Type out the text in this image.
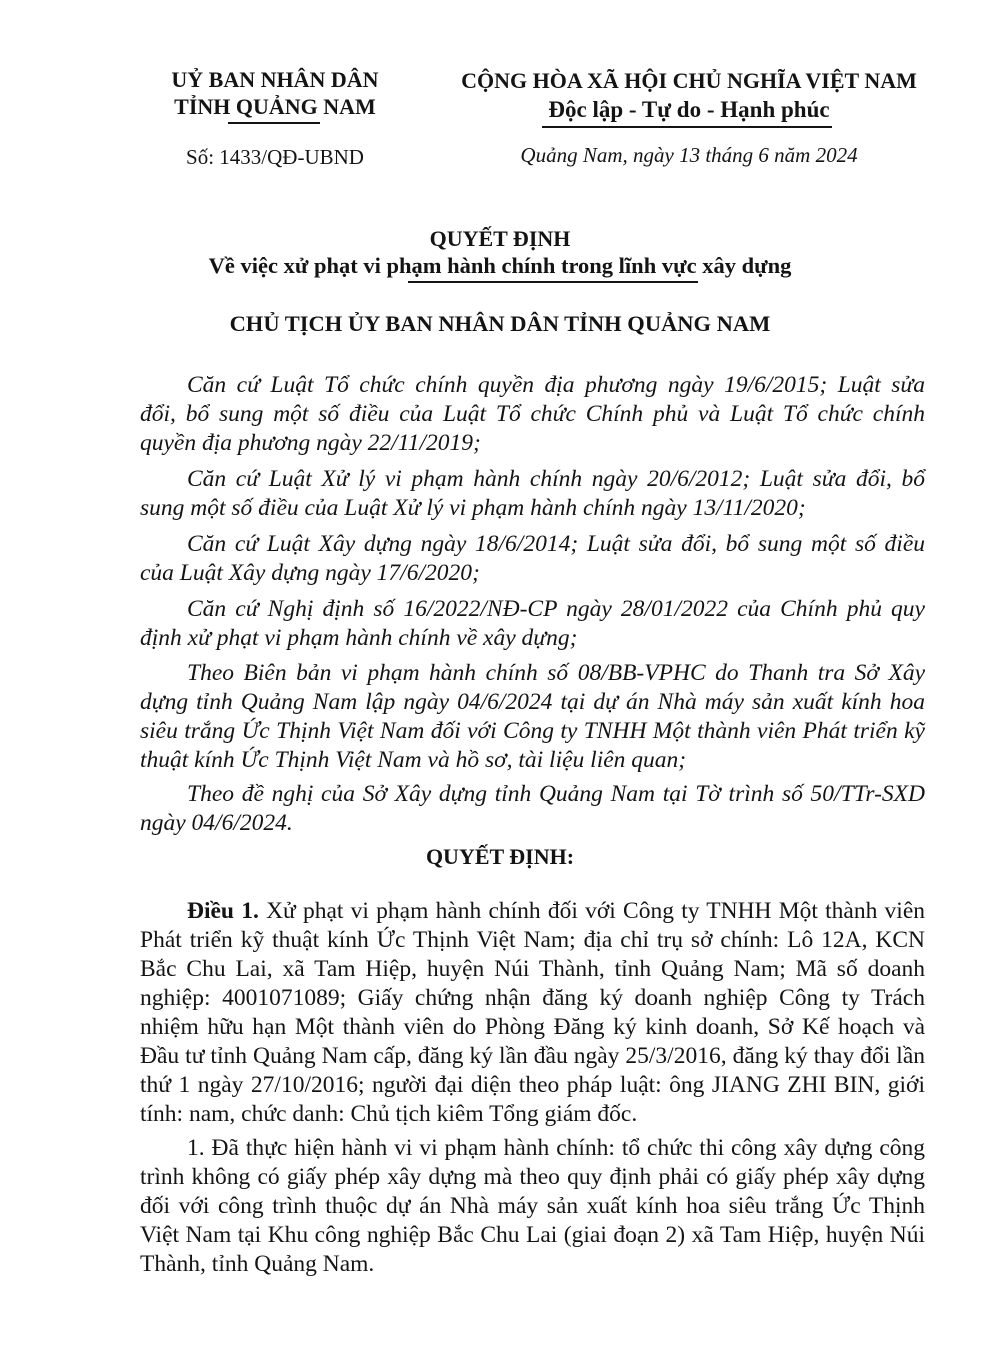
UỶ BAN NHÂN DÂN
TỈNH QUẢNG NAM
Số: 1433/QĐ-UBND
CỘNG HÒA XÃ HỘI CHỦ NGHĨA VIỆT NAM
Độc lập - Tự do - Hạnh phúc
Quảng Nam, ngày 13 tháng 6 năm 2024
QUYẾT ĐỊNH
Về việc xử phạt vi phạm hành chính trong lĩnh vực xây dựng
CHỦ TỊCH ỦY BAN NHÂN DÂN TỈNH QUẢNG NAM
Căn cứ Luật Tổ chức chính quyền địa phương ngày 19/6/2015; Luật sửa
đổi, bổ sung một số điều của Luật Tổ chức Chính phủ và Luật Tổ chức chính
quyền địa phương ngày 22/11/2019;
Căn cứ Luật Xử lý vi phạm hành chính ngày 20/6/2012; Luật sửa đổi, bổ
sung một số điều của Luật Xử lý vi phạm hành chính ngày 13/11/2020;
Căn cứ Luật Xây dựng ngày 18/6/2014; Luật sửa đổi, bổ sung một số điều
của Luật Xây dựng ngày 17/6/2020;
Căn cứ Nghị định số 16/2022/NĐ-CP ngày 28/01/2022 của Chính phủ quy
định xử phạt vi phạm hành chính về xây dựng;
Theo Biên bản vi phạm hành chính số 08/BB-VPHC do Thanh tra Sở Xây
dựng tỉnh Quảng Nam lập ngày 04/6/2024 tại dự án Nhà máy sản xuất kính hoa
siêu trắng Ức Thịnh Việt Nam đối với Công ty TNHH Một thành viên Phát triển kỹ
thuật kính Ức Thịnh Việt Nam và hồ sơ, tài liệu liên quan;
Theo đề nghị của Sở Xây dựng tỉnh Quảng Nam tại Tờ trình số 50/TTr-SXD
ngày 04/6/2024.
QUYẾT ĐỊNH:
Điều 1. Xử phạt vi phạm hành chính đối với Công ty TNHH Một thành viên
Phát triển kỹ thuật kính Ức Thịnh Việt Nam; địa chỉ trụ sở chính: Lô 12A, KCN
Bắc Chu Lai, xã Tam Hiệp, huyện Núi Thành, tỉnh Quảng Nam; Mã số doanh
nghiệp: 4001071089; Giấy chứng nhận đăng ký doanh nghiệp Công ty Trách
nhiệm hữu hạn Một thành viên do Phòng Đăng ký kinh doanh, Sở Kế hoạch và
Đầu tư tỉnh Quảng Nam cấp, đăng ký lần đầu ngày 25/3/2016, đăng ký thay đổi lần
thứ 1 ngày 27/10/2016; người đại diện theo pháp luật: ông JIANG ZHI BIN, giới
tính: nam, chức danh: Chủ tịch kiêm Tổng giám đốc.
1. Đã thực hiện hành vi vi phạm hành chính: tổ chức thi công xây dựng công
trình không có giấy phép xây dựng mà theo quy định phải có giấy phép xây dựng
đối với công trình thuộc dự án Nhà máy sản xuất kính hoa siêu trắng Ức Thịnh
Việt Nam tại Khu công nghiệp Bắc Chu Lai (giai đoạn 2) xã Tam Hiệp, huyện Núi
Thành, tỉnh Quảng Nam.
